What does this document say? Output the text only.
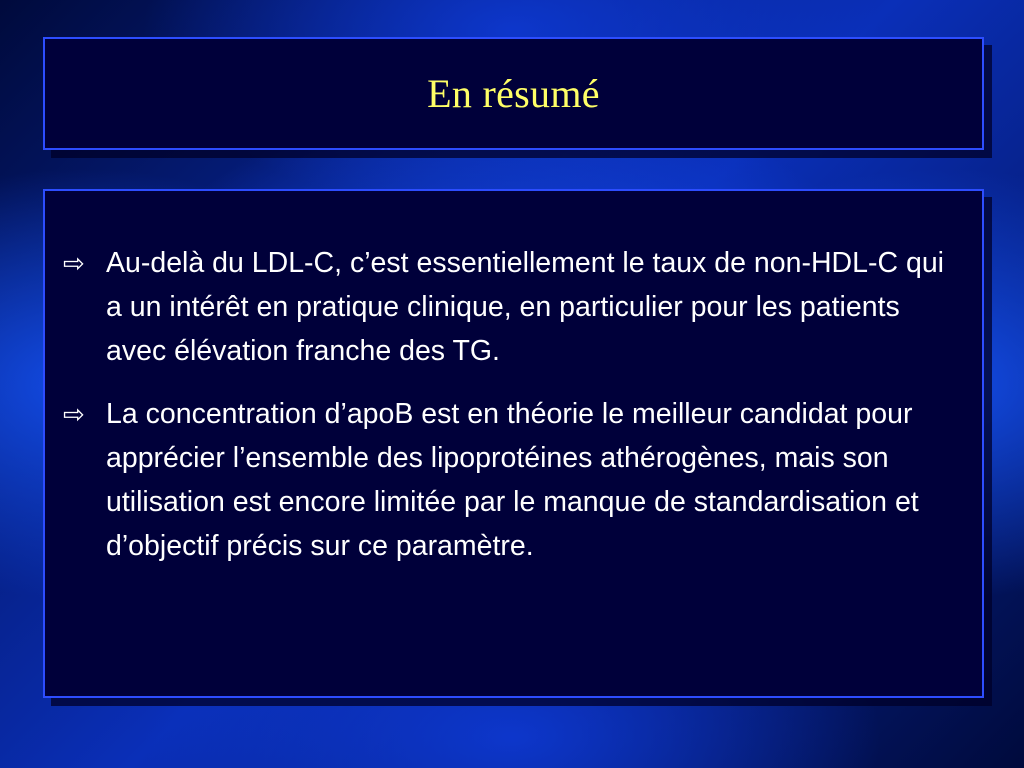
En résumé

⇨ Au-delà du LDL-C, c’est essentiellement le taux de non-HDL-C qui a un intérêt en pratique clinique, en particulier pour les patients avec élévation franche des TG.

⇨ La concentration d’apoB est en théorie le meilleur candidat pour apprécier l’ensemble des lipoprotéines athérogènes, mais son utilisation est encore limitée par le manque de standardisation et d’objectif précis sur ce paramètre.
